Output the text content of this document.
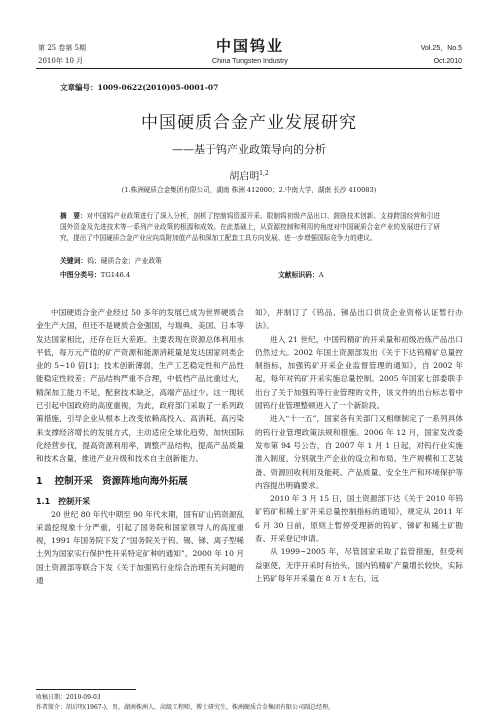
第 25 卷第 5期
2010年 10 月
中国钨业
China Tungsten Industry
Vol.25，No.5
Oct.2010
文章编号：1009-0622(2010)05-0001-07
中国硬质合金产业发展研究
——基于钨产业政策导向的分析
胡启明$^{1,2}$
(1.株洲硬质合金集团有限公司，湖南 株洲 412000；2.中南大学，湖南 长沙 410083)
摘　要：对中国钨产业政策进行了深入分析，剖析了控制钨资源开采、限制钨初级产品出口、鼓励技术创新、支持跨国经营和引进国外资金及先进技术等一系列产业政策的根源和成效。在此基础上，从资源控制和利用的角度对中国硬质合金产业的发展进行了研究，提出了中国硬质合金产业应向高附加值产品和深加工配套工具方向发展、进一步增强国际竞争力的建议。
关键词：钨；硬质合金；产业政策
中图分类号：TG146.4	文献标识码：A

中国硬质合金产业经过 50 多年的发展已成为世界硬质合金生产大国，但还不是硬质合金强国，与瑞典、美国、日本等发达国家相比，还存在巨大差距。主要表现在资源总体利用水平低，每万元产值的矿产资源和能源消耗量是发达国家同类企业的 5~10 倍[1]；技术创新薄弱，生产工艺稳定性和产品性能稳定性较差；产品结构严重不合理，中低档产品比重过大，精深加工能力不足，配套技术缺乏，高端产品过少。这一现状已引起中国政府的高度重视，为此，政府部门采取了一系列政策措施，引导企业从根本上改变依赖高投入、高消耗、高污染来支撑经济增长的发展方式，主动适应全球化趋势，加快国际化经营步伐，提高资源利用率，调整产品结构，提高产品质量和技术含量，推进产业升级和技术自主创新能力。

1 控制开采　资源阵地向海外拓展
1.1 控制开采

20 世纪 80 年代中期至 90 年代末期，国有矿山钨资源乱采滥挖现象十分严重，引起了国务院和国家领导人的高度重视，1991 年国务院下发了“国务院关于钨、锡、锑、离子型稀土列为国家实行保护性开采特定矿种的通知”。2000 年 10 月国土资源部等联合下发《关于加强钨行业综合治理有关问题的通

知》，并制订了《钨品、锑品出口供货企业资格认证暂行办法》。

进入 21 世纪，中国钨精矿的开采量和初级冶炼产品出口仍然过大。2002 年国土资源部发出《关于下达钨精矿总量控制指标，加强钨矿开采企业监督管理的通知》，自 2002 年起，每年对钨矿开采实施总量控制。2005 年国家七部委联手出台了关于加强钨等行业管理的文件，该文件的出台标志着中国钨行业管理整顿进入了一个新阶段。

进入“十一五”，国家各有关部门又相继制定了一系列具体的钨行业管理政策法规和措施。2006 年 12 月，国家发改委发布第 94 号公告，自 2007 年 1 月 1 日起，对钨行业实施准入制度，分别就生产企业的设立和布局、生产规模和工艺装备、资源回收利用及能耗、产品质量、安全生产和环境保护等内容提出明确要求。

2010 年 3 月 15 日，国土资源部下达《关于 2010 年钨矿钨矿和稀土矿开采总量控制指标的通知》，规定从 2011 年 6 月 30 日前，原则上暂停受理新的钨矿、锑矿和稀土矿勘查、开采登记申请。

从 1999~2005 年，尽管国家采取了监管措施，但受利益驱使，无序开采时有抬头，国内钨精矿产量增长较快，实际上钨矿每年开采量在 8 万 t 左右，远

收稿日期：2010-09-03
作者简介：胡启明(1967-)，男，湖南株洲人，高级工程师，博士研究生，株洲硬质合金集团有限公司副总经理。
